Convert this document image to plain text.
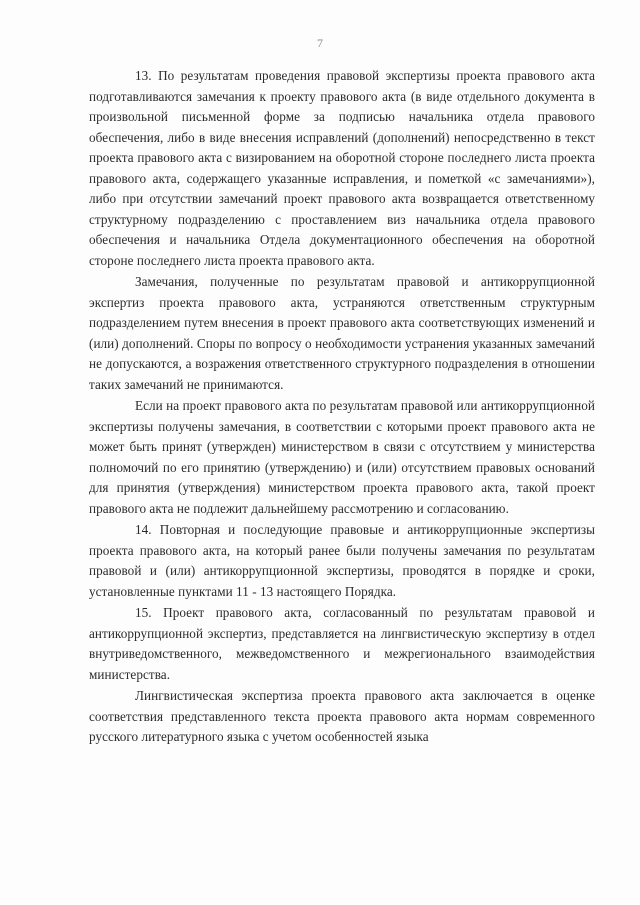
7

13. По результатам проведения правовой экспертизы проекта правового акта подготавливаются замечания к проекту правового акта (в виде отдельного документа в произвольной письменной форме за подписью начальника отдела правового обеспечения, либо в виде внесения исправлений (дополнений) непосредственно в текст проекта правового акта с визированием на оборотной стороне последнего листа проекта правового акта, содержащего указанные исправления, и пометкой «с замечаниями»), либо при отсутствии замечаний проект правового акта возвращается ответственному структурному подразделению с проставлением виз начальника отдела правового обеспечения и начальника Отдела документационного обеспечения на оборотной стороне последнего листа проекта правового акта.

Замечания, полученные по результатам правовой и антикоррупционной экспертиз проекта правового акта, устраняются ответственным структурным подразделением путем внесения в проект правового акта соответствующих изменений и (или) дополнений. Споры по вопросу о необходимости устранения указанных замечаний не допускаются, а возражения ответственного структурного подразделения в отношении таких замечаний не принимаются.

Если на проект правового акта по результатам правовой или антикоррупционной экспертизы получены замечания, в соответствии с которыми проект правового акта не может быть принят (утвержден) министерством в связи с отсутствием у министерства полномочий по его принятию (утверждению) и (или) отсутствием правовых оснований для принятия (утверждения) министерством проекта правового акта, такой проект правового акта не подлежит дальнейшему рассмотрению и согласованию.

14. Повторная и последующие правовые и антикоррупционные экспертизы проекта правового акта, на который ранее были получены замечания по результатам правовой и (или) антикоррупционной экспертизы, проводятся в порядке и сроки, установленные пунктами 11 - 13 настоящего Порядка.

15. Проект правового акта, согласованный по результатам правовой и антикоррупционной экспертиз, представляется на лингвистическую экспертизу в отдел внутриведомственного, межведомственного и межрегионального взаимодействия министерства.

Лингвистическая экспертиза проекта правового акта заключается в оценке соответствия представленного текста проекта правового акта нормам современного русского литературного языка с учетом особенностей языка
